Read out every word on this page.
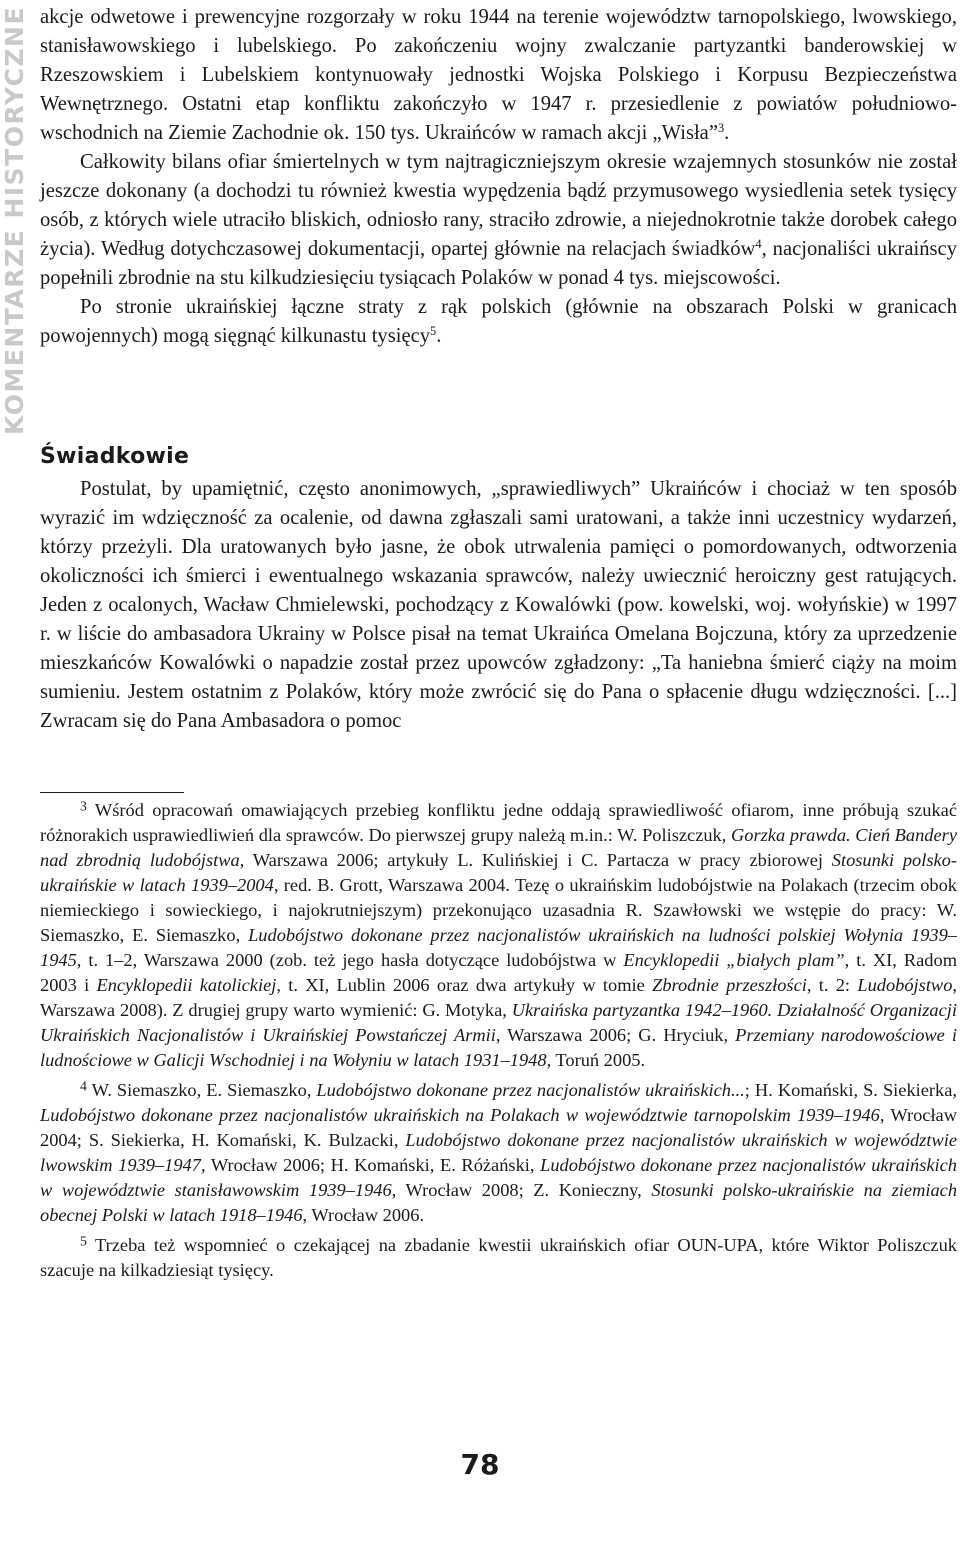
KOMENTARZE HISTORYCZNE akcje odwetowe i prewencyjne rozgorzały w roku 1944 na terenie województw tarnopolskiego, lwowskiego, stanisławowskiego i lubelskiego. Po zakończeniu wojny zwalczanie partyzantki banderowskiej w Rzeszowskiem i Lubelskiem kontynuowały jednostki Wojska Polskiego i Korpusu Bezpieczeństwa Wewnętrznego. Ostatni etap konfliktu zakończyło w 1947 r. przesiedlenie z powiatów południowo-wschodnich na Ziemie Zachodnie ok. 150 tys. Ukraińców w ramach akcji „Wisła”$^3$.

Całkowity bilans ofiar śmiertelnych w tym najtragiczniejszym okresie wzajemnych stosunków nie został jeszcze dokonany (a dochodzi tu również kwestia wypędzenia bądź przymusowego wysiedlenia setek tysięcy osób, z których wiele utraciło bliskich, odniosło rany, straciło zdrowie, a niejednokrotnie także dorobek całego życia). Według dotychczasowej dokumentacji, opartej głównie na relacjach świadków$^4$, nacjonaliści ukraińscy popełnili zbrodnie na stu kilkudziesięciu tysiącach Polaków w ponad 4 tys. miejscowości.

Po stronie ukraińskiej łączne straty z rąk polskich (głównie na obszarach Polski w granicach powojennych) mogą sięgnąć kilkunastu tysięcy$^5$.

Świadkowie

Postulat, by upamiętnić, często anonimowych, „sprawiedliwych” Ukraińców i chociaż w ten sposób wyrazić im wdzięczność za ocalenie, od dawna zgłaszali sami uratowani, a także inni uczestnicy wydarzeń, którzy przeżyli. Dla uratowanych było jasne, że obok utrwalenia pamięci o pomordowanych, odtworzenia okoliczności ich śmierci i ewentualnego wskazania sprawców, należy uwiecznić heroiczny gest ratujących. Jeden z ocalonych, Wacław Chmielewski, pochodzący z Kowalówki (pow. kowelski, woj. wołyńskie) w 1997 r. w liście do ambasadora Ukrainy w Polsce pisał na temat Ukraińca Omelana Bojczuna, który za uprzedzenie mieszkańców Kowalówki o napadzie został przez upowców zgładzony: „Ta haniebna śmierć ciąży na moim sumieniu. Jestem ostatnim z Polaków, który może zwrócić się do Pana o spłacenie długu wdzięczności. [...] Zwracam się do Pana Ambasadora o pomoc

$^3$ Wśród opracowań omawiających przebieg konfliktu jedne oddają sprawiedliwość ofiarom, inne próbują szukać różnorakich usprawiedliwień dla sprawców. Do pierwszej grupy należą m.in.: W. Poliszczuk, Gorzka prawda. Cień Bandery nad zbrodnią ludobójstwa, Warszawa 2006; artykuły L. Kulińskiej i C. Partacza w pracy zbiorowej Stosunki polsko-ukraińskie w latach 1939–2004, red. B. Grott, Warszawa 2004. Tezę o ukraińskim ludobójstwie na Polakach (trzecim obok niemieckiego i sowieckiego, i najokrutniejszym) przekonująco uzasadnia R. Szawłowski we wstępie do pracy: W. Siemaszko, E. Siemaszko, Ludobójstwo dokonane przez nacjonalistów ukraińskich na ludności polskiej Wołynia 1939–1945, t. 1–2, Warszawa 2000 (zob. też jego hasła dotyczące ludobójstwa w Encyklopedii „białych plam”, t. XI, Radom 2003 i Encyklopedii katolickiej, t. XI, Lublin 2006 oraz dwa artykuły w tomie Zbrodnie przeszłości, t. 2: Ludobójstwo, Warszawa 2008). Z drugiej grupy warto wymienić: G. Motyka, Ukraińska partyzantka 1942–1960. Działalność Organizacji Ukraińskich Nacjonalistów i Ukraińskiej Powstańczej Armii, Warszawa 2006; G. Hryciuk, Przemiany narodowościowe i ludnościowe w Galicji Wschodniej i na Wołyniu w latach 1931–1948, Toruń 2005.

$^4$ W. Siemaszko, E. Siemaszko, Ludobójstwo dokonane przez nacjonalistów ukraińskich...; H. Komański, S. Siekierka, Ludobójstwo dokonane przez nacjonalistów ukraińskich na Polakach w województwie tarnopolskim 1939–1946, Wrocław 2004; S. Siekierka, H. Komański, K. Bulzacki, Ludobójstwo dokonane przez nacjonalistów ukraińskich w województwie lwowskim 1939–1947, Wrocław 2006; H. Komański, E. Różański, Ludobójstwo dokonane przez nacjonalistów ukraińskich w województwie stanisławowskim 1939–1946, Wrocław 2008; Z. Konieczny, Stosunki polsko-ukraińskie na ziemiach obecnej Polski w latach 1918–1946, Wrocław 2006.

$^5$ Trzeba też wspomnieć o czekającej na zbadanie kwestii ukraińskich ofiar OUN-UPA, które Wiktor Poliszczuk szacuje na kilkadziesiąt tysięcy.

78
